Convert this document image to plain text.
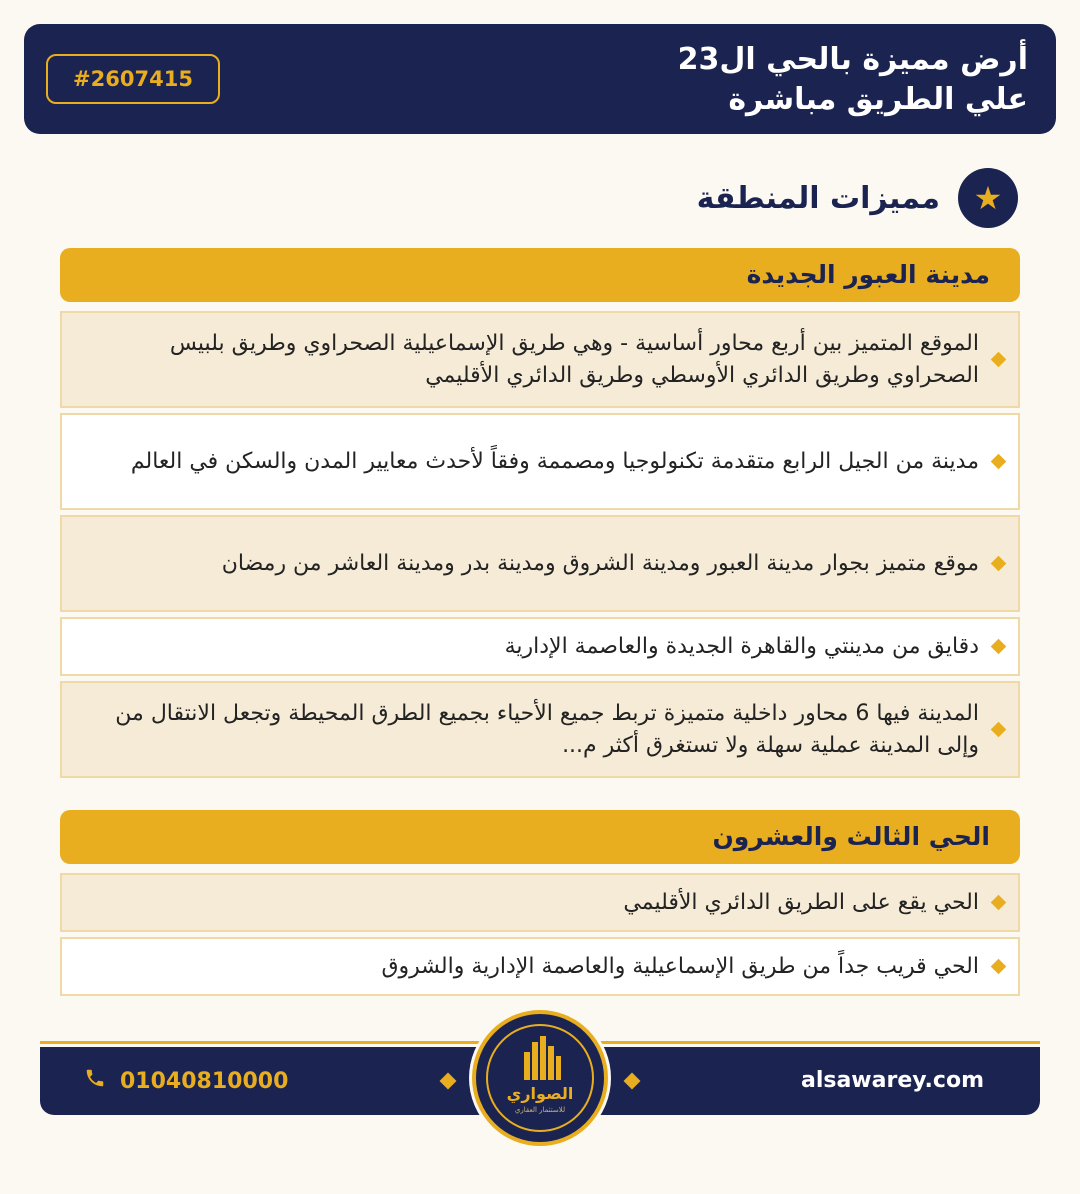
أرض مميزة بالحي ال23
علي الطريق مباشرة
#2607415
★
مميزات المنطقة
مدينة العبور الجديدة
الموقع المتميز بين أربع محاور أساسية - وهي طريق الإسماعيلية الصحراوي وطريق بلبيس الصحراوي وطريق الدائري الأوسطي وطريق الدائري الأقليمي
مدينة من الجيل الرابع متقدمة تكنولوجيا ومصممة وفقاً لأحدث معايير المدن والسكن في العالم
موقع متميز بجوار مدينة العبور ومدينة الشروق ومدينة بدر ومدينة العاشر من رمضان
دقايق من مدينتي والقاهرة الجديدة والعاصمة الإدارية
المدينة فيها 6 محاور داخلية متميزة تربط جميع الأحياء بجميع الطرق المحيطة وتجعل الانتقال من وإلى المدينة عملية سهلة ولا تستغرق أكثر م...
الحي الثالث والعشرون
الحي يقع على الطريق الدائري الأقليمي
الحي قريب جداً من طريق الإسماعيلية والعاصمة الإدارية والشروق
01040810000	alsawarey.com
الصواري
للاستثمار العقاري
